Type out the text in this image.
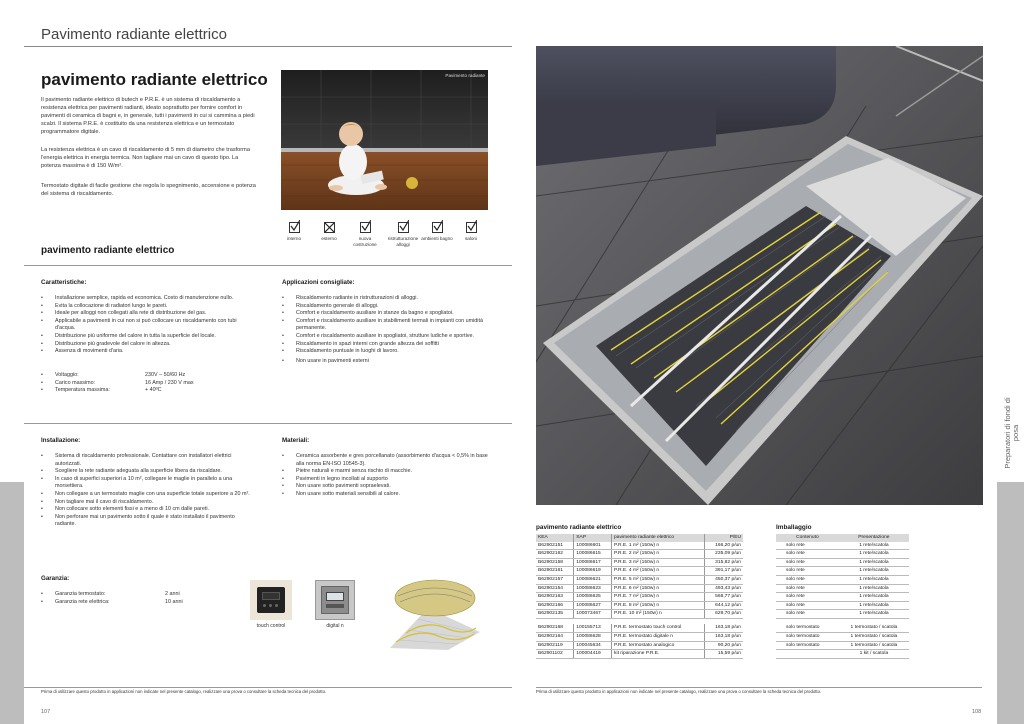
Pavimento radiante elettrico
pavimento radiante elettrico

Il pavimento radiante elettrico di butech e P.R.E. è un sistema di riscaldamento a resistenza elettrica per pavimenti radianti, ideato soprattutto per fornire comfort in pavimenti di ceramica di bagni e, in generale, tutti i pavimenti in cui si cammina a piedi scalzi. Il sistema P.R.E. è costituito da una resistenza elettrica e un termostato programmatore digitale.

La resistenza elettrica è un cavo di riscaldamento di 5 mm di diametro che trasforma l'energia elettrica in energia termica. Non tagliare mai un cavo di questo tipo. La potenza massima è di 150 W/m².

Termostato digitale di facile gestione che regola lo spegnimento, accensione e potenza del sistema di riscaldamento.

Pavimento radiante
interno	esterno	nuova costruzione
ristrutturazione alloggi
ambienti bagno	saloni
pavimento radiante elettrico
Caratteristiche:
• Installazione semplice, rapida ed economica. Costo di manutenzione nullo.
• Evita la collocazione di radiatori lungo le pareti.
• Ideale per alloggi non collegati alla rete di distribuzione del gas.
• Applicabile a pavimenti in cui non si può collocare un riscaldamento con tubi d'acqua.
• Distribuzione più uniforme del calore in tutta la superficie del locale.
• Distribuzione più gradevole del calore in altezza.
• Assenza di movimenti d'aria.
• Voltaggio:	230V – 50/60 Hz
• Carico massimo:	16 Amp / 230 V max
• Temperatura massima:	+ 40ºC
Applicazioni consigliate:
• Riscaldamento radiante in ristrutturazioni di alloggi.
• Riscaldamento generale di alloggi.
• Comfort e riscaldamento ausiliare in stanze da bagno e spogliatoi.
• Comfort e riscaldamento ausiliare in stabilimenti termali in impianti con umidità permanente.
• Comfort e riscaldamento ausiliare in spogliatoi, strutture ludiche e sportive.
• Riscaldamento in spazi interni con grande altezza dei soffitti
• Riscaldamento puntuale in luoghi di lavoro.
• Non usare in pavimenti esterni
Installazione:
• Sistema di riscaldamento professionale. Contattare con installatori elettrici autorizzati.
• Scegliere la rete radiante adeguata alla superficie libera da riscaldare.
• In caso di superfici superiori a 10 m², collegare le maglie in parallelo a una morsettiera.
• Non collegare a un termostato maglie con una superficie totale superiore a 20 m².
• Non tagliare mai il cavo di riscaldamento.
• Non collocare sotto elementi fissi e a meno di 10 cm dalle pareti.
• Non perforare mai un pavimento sotto il quale è stato installato il pavimento radiante.
Materiali:
• Ceramica assorbente e gres porcellanato (assorbimento d'acqua < 0,5% in base alla norma EN-ISO 10545-3).
• Pietre naturali e marmi senza rischio di macchie.
• Pavimenti in legno incollati al supporto
• Non usare sotto pavimenti sopraelevati.
• Non usare sotto materiali sensibili al calore.
Garanzia:
• Garanzia termostato:	2 anni
• Garanzia rete elettrica:	10 anni
touch control	digital n
Prima di utilizzare questo prodotto in applicazioni non indicate nel presente catalogo, realizzare una prova o consultare la scheda tecnica del prodotto.
107
Preparatori di fondi di posa
pavimento radiante elettrico
KEA	SAP	pavimento radiante elettrico	P/EU
B62902151	100086601	P.R.E. 1 m² (150w) n	166,20 p/un
B62902162	100086615	P.R.E. 2 m² (150w) n	235,09 p/un
B62902158	100086617	P.R.E. 3 m² (150w) n	315,82 p/un
B62902161	100086619	P.R.E. 4 m² (150w) n	391,17 p/un
B62902157	100086621	P.R.E. 5 m² (150w) n	450,37 p/un
B62902154	100086623	P.R.E. 6 m² (150w) n	493,43 p/un
B62902163	100086625	P.R.E. 7 m² (150w) n	568,77 p/un
B62902166	100086627	P.R.E. 8 m² (150w) n	644,12 p/un
B62902135	100073467	P.R.E. 10 m² (150w) n	629,70 p/un

B62902168	100155713	P.R.E. termostato touch control	163,18 p/un
B62902164	100086628	P.R.E. termostato digitale n	163,18 p/un
B62902119	100045634	P.R.E. termostato analogico	90,20 p/un
B62901102	100004419	kit riparazione P.R.E.	15,59 p/un
Imballaggio
Contenuto	Presentazione
solo rete	1 rete/scatola
solo rete	1 rete/scatola
solo rete	1 rete/scatola
solo rete	1 rete/scatola
solo rete	1 rete/scatola
solo rete	1 rete/scatola
solo rete	1 rete/scatola
solo rete	1 rete/scatola
solo rete	1 rete/scatola

solo termostato	1 termostato / scatola
solo termostato	1 termostato / scatola
solo termostato	1 termostato / scatola
	1 kit / scatola
Prima di utilizzare questo prodotto in applicazioni non indicate nel presente catalogo, realizzare una prova o consultare la scheda tecnica del prodotto.
108
